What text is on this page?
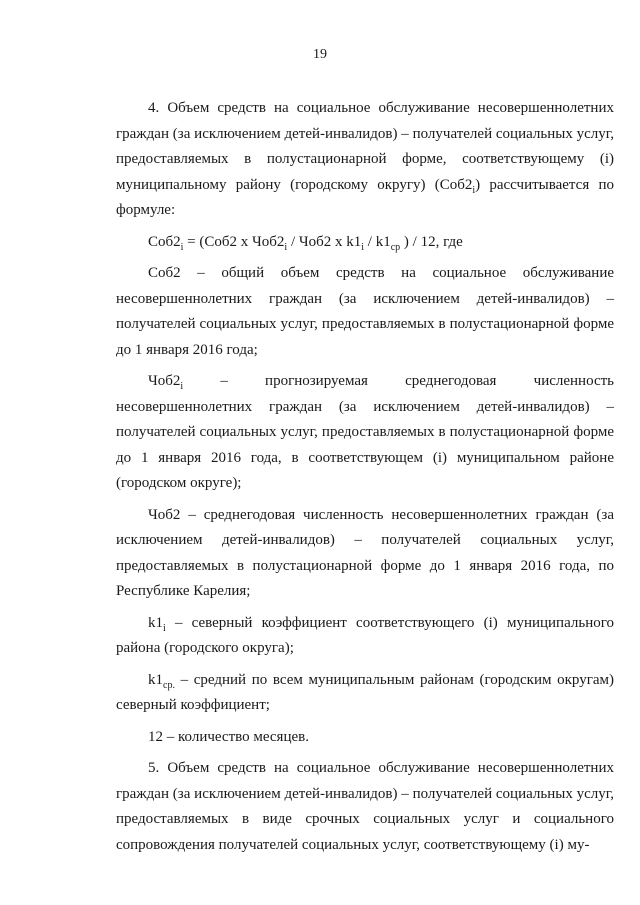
19

4. Объем средств на социальное обслуживание несовершеннолетних граждан (за исключением детей-инвалидов) – получателей социальных услуг, предоставляемых в полустационарной форме, соответствующему (i) муниципальному району (городскому округу) $(Соб2_i)$ рассчитывается по формуле:

$Соб2_i = (Соб2$ х $Чоб2_i / Чоб2$ х $k1_i / k1_{ср}$ ) / 12, где

Соб2 – общий объем средств на социальное обслуживание несовершеннолетних граждан (за исключением детей-инвалидов) – получателей социальных услуг, предоставляемых в полустационарной форме до 1 января 2016 года;

$Чоб2_i$ – прогнозируемая среднегодовая численность несовершеннолетних граждан (за исключением детей-инвалидов) – получателей социальных услуг, предоставляемых в полустационарной форме до 1 января 2016 года, в соответствующем (i) муниципальном районе (городском округе);

Чоб2 – среднегодовая численность несовершеннолетних граждан (за исключением детей-инвалидов) – получателей социальных услуг, предоставляемых в полустационарной форме до 1 января 2016 года, по Республике Карелия;

$k1_i$ – северный коэффициент соответствующего (i) муниципального района (городского округа);

$k1_{ср.}$ – средний по всем муниципальным районам (городским округам) северный коэффициент;

12 – количество месяцев.

5. Объем средств на социальное обслуживание несовершеннолетних граждан (за исключением детей-инвалидов) – получателей социальных услуг, предоставляемых в виде срочных социальных услуг и социального сопровождения получателей социальных услуг, соответствующему (i) му-
